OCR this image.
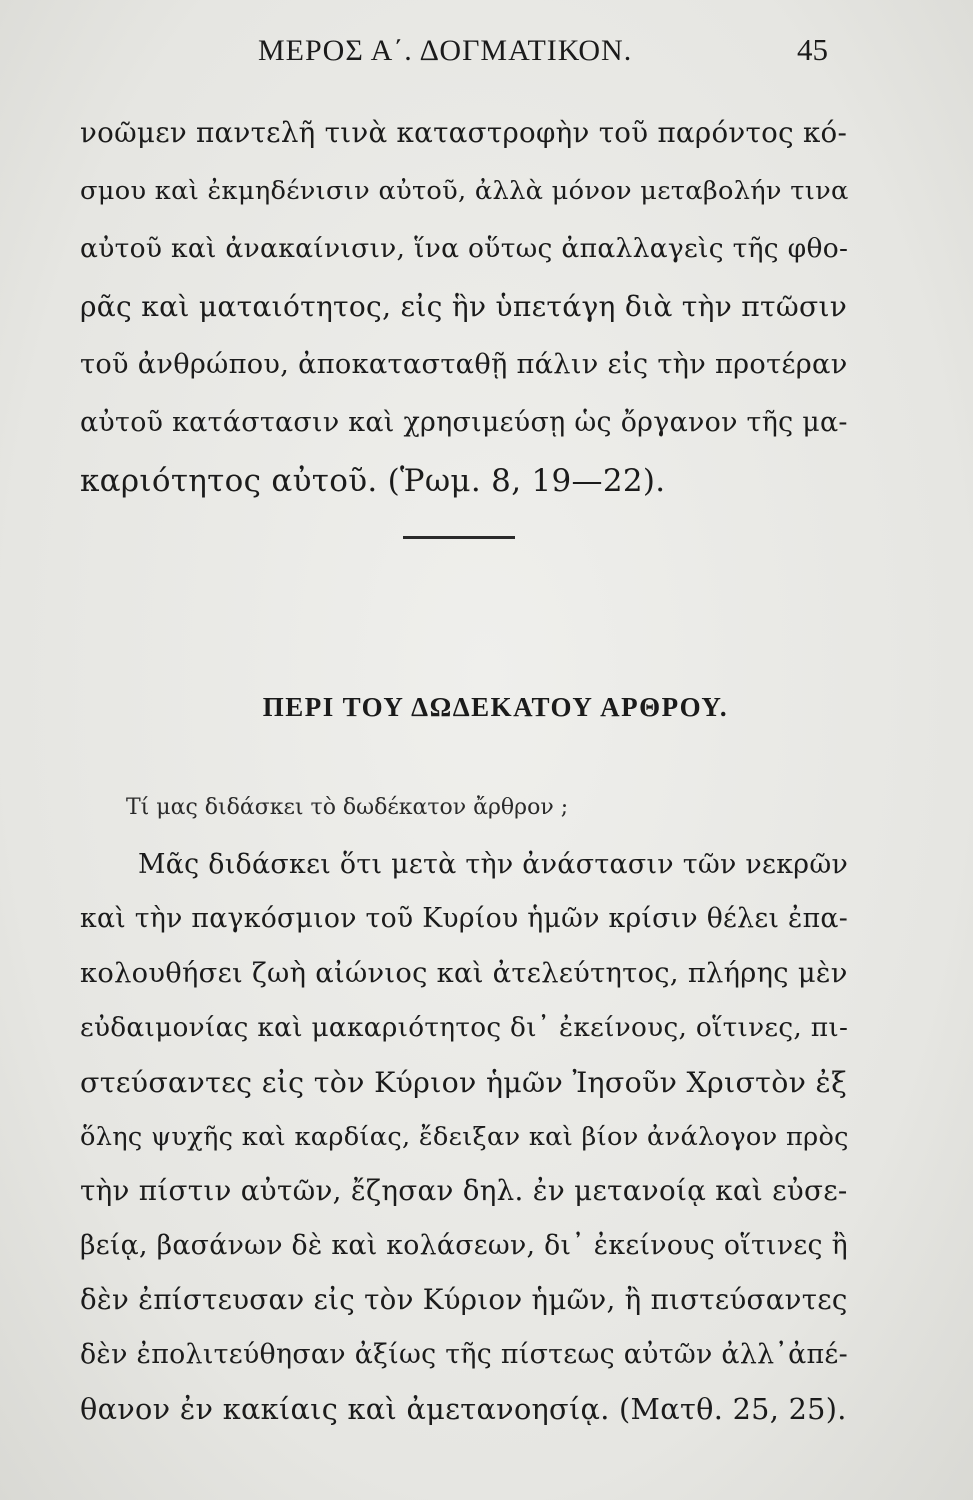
ΜΕΡΟΣ Α΄. ΔΟΓΜΑΤΙΚΟΝ.	45
νοῶμεν παντελῆ τινὰ καταστροφὴν τοῦ παρόντος κό-
σμου καὶ ἐκμηδένισιν αὐτοῦ, ἀλλὰ μόνον μεταβολήν τινα
αὐτοῦ καὶ ἀνακαίνισιν, ἵνα οὕτως ἀπαλλαγεὶς τῆς φθο-
ρᾶς καὶ ματαιότητος, εἰς ἣν ὑπετάγη διὰ τὴν πτῶσιν
τοῦ ἀνθρώπου, ἀποκατασταθῇ πάλιν εἰς τὴν προτέραν
αὐτοῦ κατάστασιν καὶ χρησιμεύσῃ ὡς ὄργανον τῆς μα-
καριότητος αὐτοῦ. (Ῥωμ. 8, 19—22).
ΠΕΡΙ ΤΟΥ ΔΩΔΕΚΑΤΟΥ ΑΡΘΡΟΥ.
Τί μας διδάσκει τὸ δωδέκατον ἄρθρον ;
Μᾶς διδάσκει ὅτι μετὰ τὴν ἀνάστασιν τῶν νεκρῶν
καὶ τὴν παγκόσμιον τοῦ Κυρίου ἡμῶν κρίσιν θέλει ἐπα-
κολουθήσει ζωὴ αἰώνιος καὶ ἀτελεύτητος, πλήρης μὲν
εὐδαιμονίας καὶ μακαριότητος δι᾽ ἐκείνους, οἵτινες, πι-
στεύσαντες εἰς τὸν Κύριον ἡμῶν Ἰησοῦν Χριστὸν ἐξ
ὅλης ψυχῆς καὶ καρδίας, ἔδειξαν καὶ βίον ἀνάλογον πρὸς
τὴν πίστιν αὐτῶν, ἔζησαν δηλ. ἐν μετανοίᾳ καὶ εὐσε-
βείᾳ, βασάνων δὲ καὶ κολάσεων, δι᾽ ἐκείνους οἵτινες ἢ
δὲν ἐπίστευσαν εἰς τὸν Κύριον ἡμῶν, ἢ πιστεύσαντες
δὲν ἐπολιτεύθησαν ἀξίως τῆς πίστεως αὐτῶν ἀλλ᾽ἀπέ-
θανον ἐν κακίαις καὶ ἀμετανοησίᾳ. (Ματθ. 25, 25).
